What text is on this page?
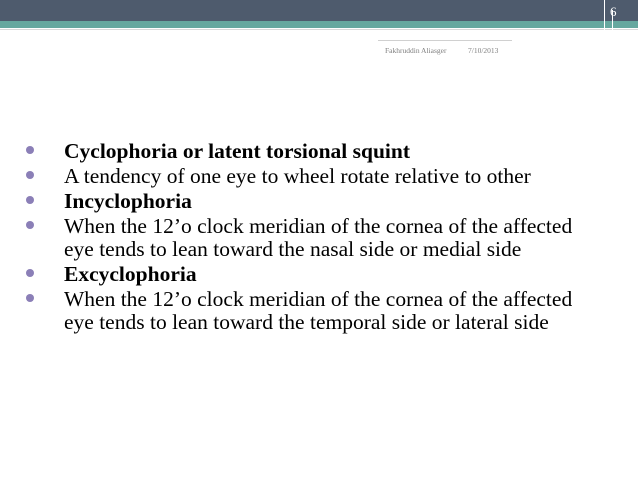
6
Fakhruddin Aliasger	7/10/2013
Cyclophoria or latent torsional squint
A tendency of one eye to wheel rotate relative to other
Incyclophoria
When the 12’o clock meridian of the cornea of the affected eye tends to lean toward the nasal side or medial side
Excyclophoria
When the 12’o clock meridian of the cornea of the affected eye tends to lean toward the temporal side or lateral side
